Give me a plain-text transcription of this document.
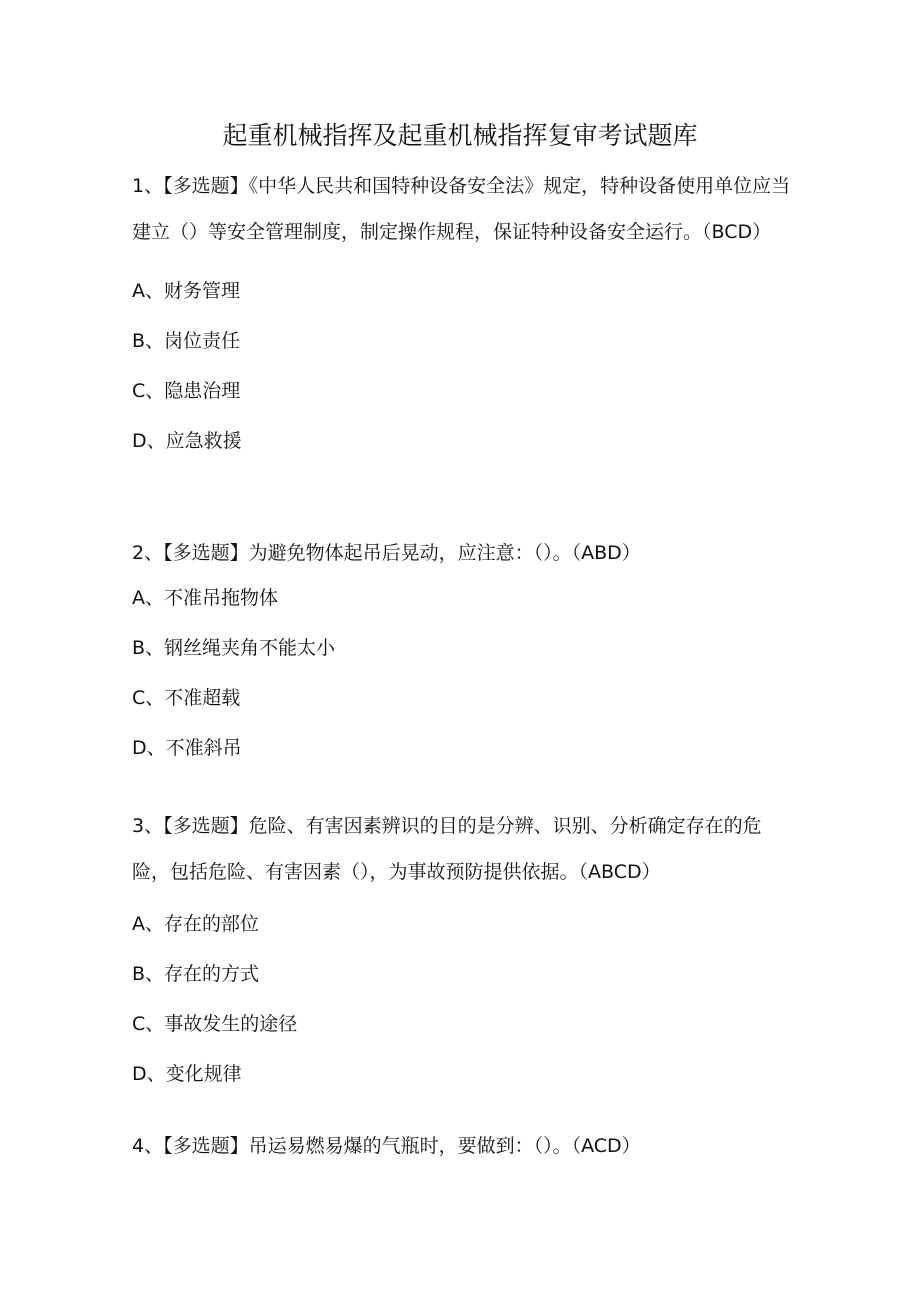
起重机械指挥及起重机械指挥复审考试题库

1、【多选题】《中华人民共和国特种设备安全法》规定，特种设备使用单位应当建立（）等安全管理制度，制定操作规程，保证特种设备安全运行。（BCD）

A、财务管理
B、岗位责任
C、隐患治理
D、应急救援

2、【多选题】为避免物体起吊后晃动，应注意：（）。（ABD）

A、不准吊拖物体
B、钢丝绳夹角不能太小
C、不准超载
D、不准斜吊

3、【多选题】危险、有害因素辨识的目的是分辨、识别、分析确定存在的危险，包括危险、有害因素（），为事故预防提供依据。（ABCD）

A、存在的部位
B、存在的方式
C、事故发生的途径
D、变化规律

4、【多选题】吊运易燃易爆的气瓶时，要做到：（）。（ACD）
